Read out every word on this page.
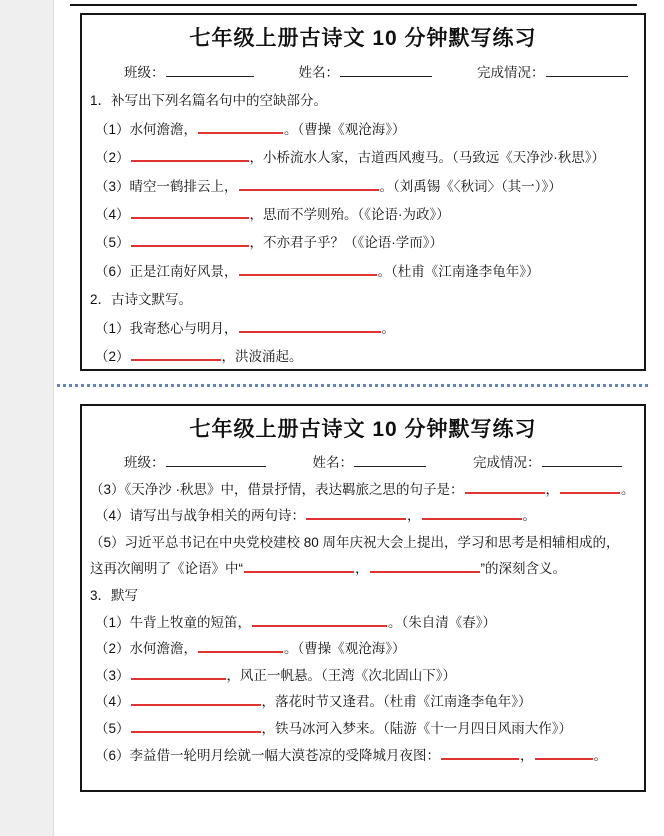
七年级上册古诗文 10 分钟默写练习
班级：	姓名：	完成情况：
1．补写出下列名篇名句中的空缺部分。
（1）水何澹澹，	。（曹操《观沧海》）
（2）	，小桥流水人家，古道西风瘦马。（马致远《天净沙·秋思》）
（3）晴空一鹤排云上，	。（刘禹锡《〈秋词〉（其一）》）
（4）	，思而不学则殆。（《论语·为政》）
（5）	，不亦君子乎？（《论语·学而》）
（6）正是江南好风景，	。（杜甫《江南逢李龟年》）
2．古诗文默写。
（1）我寄愁心与明月，	。
（2）	，洪波涌起。
七年级上册古诗文 10 分钟默写练习
班级：	姓名：	完成情况：
（3）《天净沙 ·秋思》中，借景抒情，表达羁旅之思的句子是：	，	。
（4）请写出与战争相关的两句诗：	，	。
（5）习近平总书记在中央党校建校 80 周年庆祝大会上提出，学习和思考是相辅相成的，
这再次阐明了《论语》中“	，	”的深刻含义。
3．默写
（1）牛背上牧童的短笛，	。（朱自清《春》）
（2）水何澹澹，	。（曹操《观沧海》）
（3）	，风正一帆悬。（王湾《次北固山下》）
（4）	，落花时节又逢君。（杜甫《江南逢李龟年》）
（5）	，铁马冰河入梦来。（陆游《十一月四日风雨大作》）
（6）李益借一轮明月绘就一幅大漠苍凉的受降城月夜图：	，	。
